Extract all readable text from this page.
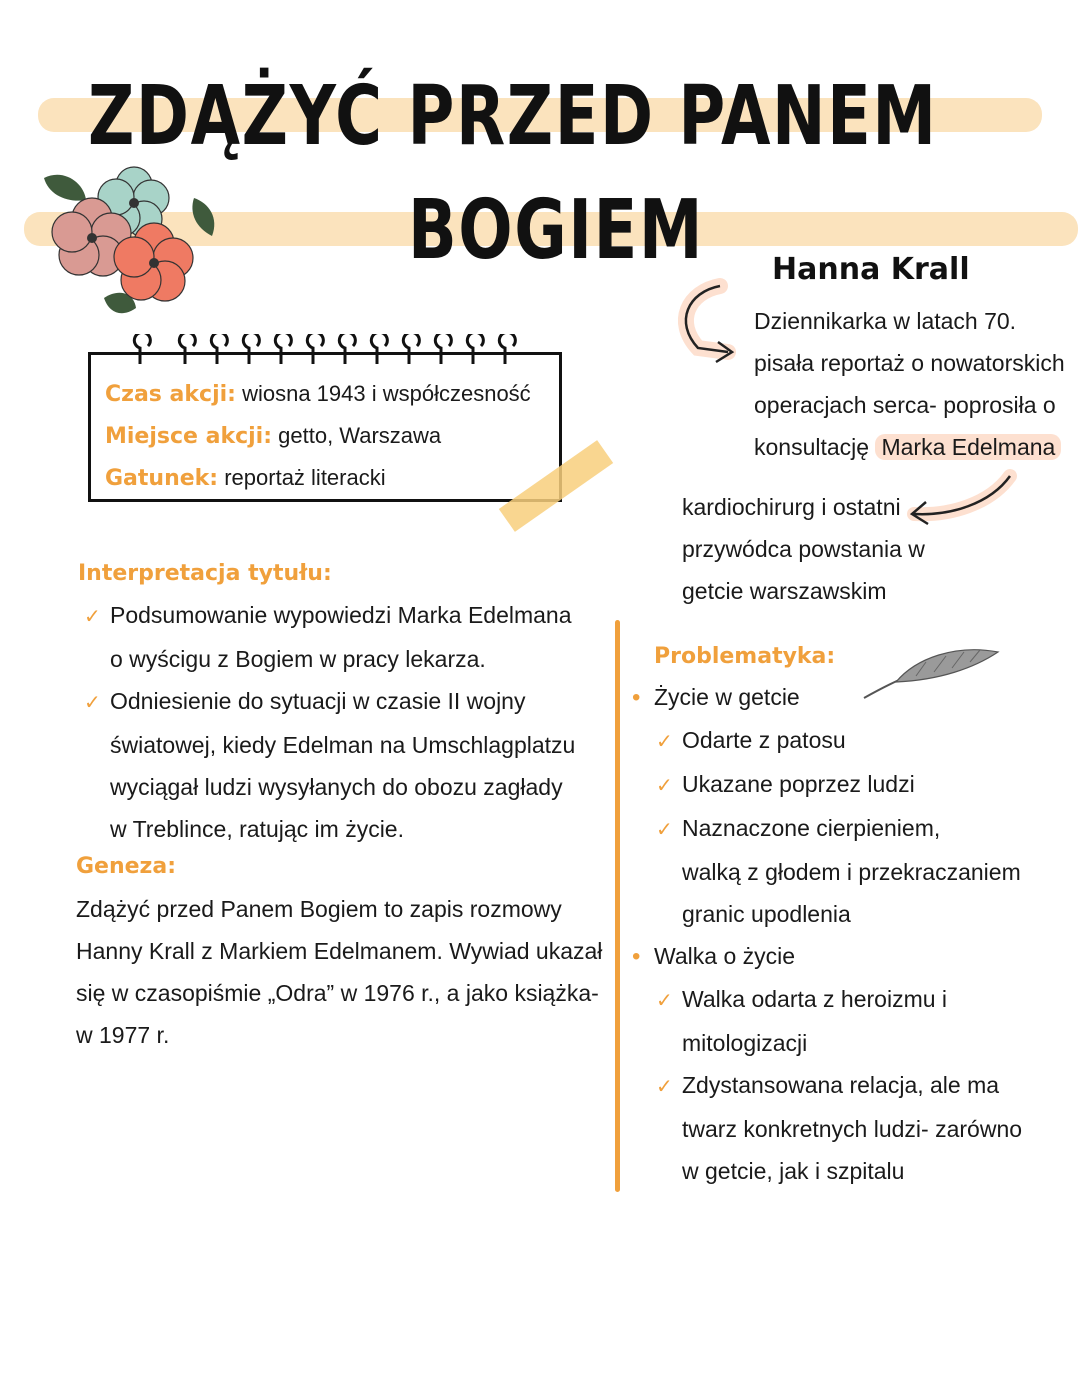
ZDĄŻYĆ PRZED PANEM
BOGIEM
Czas akcji: wiosna 1943 i współczesność
Miejsce akcji: getto, Warszawa
Gatunek: reportaż literacki
Hanna Krall
Dziennikarka w latach 70.
pisała reportaż o nowatorskich
operacjach serca- poprosiła o
konsultację Marka Edelmana
kardiochirurg i ostatni
przywódca powstania w
getcie warszawskim
Interpretacja tytułu:
✓ Podsumowanie wypowiedzi Marka Edelmana
o wyścigu z Bogiem w pracy lekarza.
✓ Odniesienie do sytuacji w czasie II wojny
światowej, kiedy Edelman na Umschlagplatzu
wyciągał ludzi wysyłanych do obozu zagłady
w Treblince, ratując im życie.
Geneza:
Zdążyć przed Panem Bogiem to zapis rozmowy
Hanny Krall z Markiem Edelmanem. Wywiad ukazał
się w czasopiśmie „Odra” w 1976 r., a jako książka-
w 1977 r.
Problematyka:
• Życie w getcie
✓ Odarte z patosu
✓ Ukazane poprzez ludzi
✓ Naznaczone cierpieniem,
walką z głodem i przekraczaniem
granic upodlenia
• Walka o życie
✓ Walka odarta z heroizmu i
mitologizacji
✓ Zdystansowana relacja, ale ma
twarz konkretnych ludzi- zarówno
w getcie, jak i szpitalu
